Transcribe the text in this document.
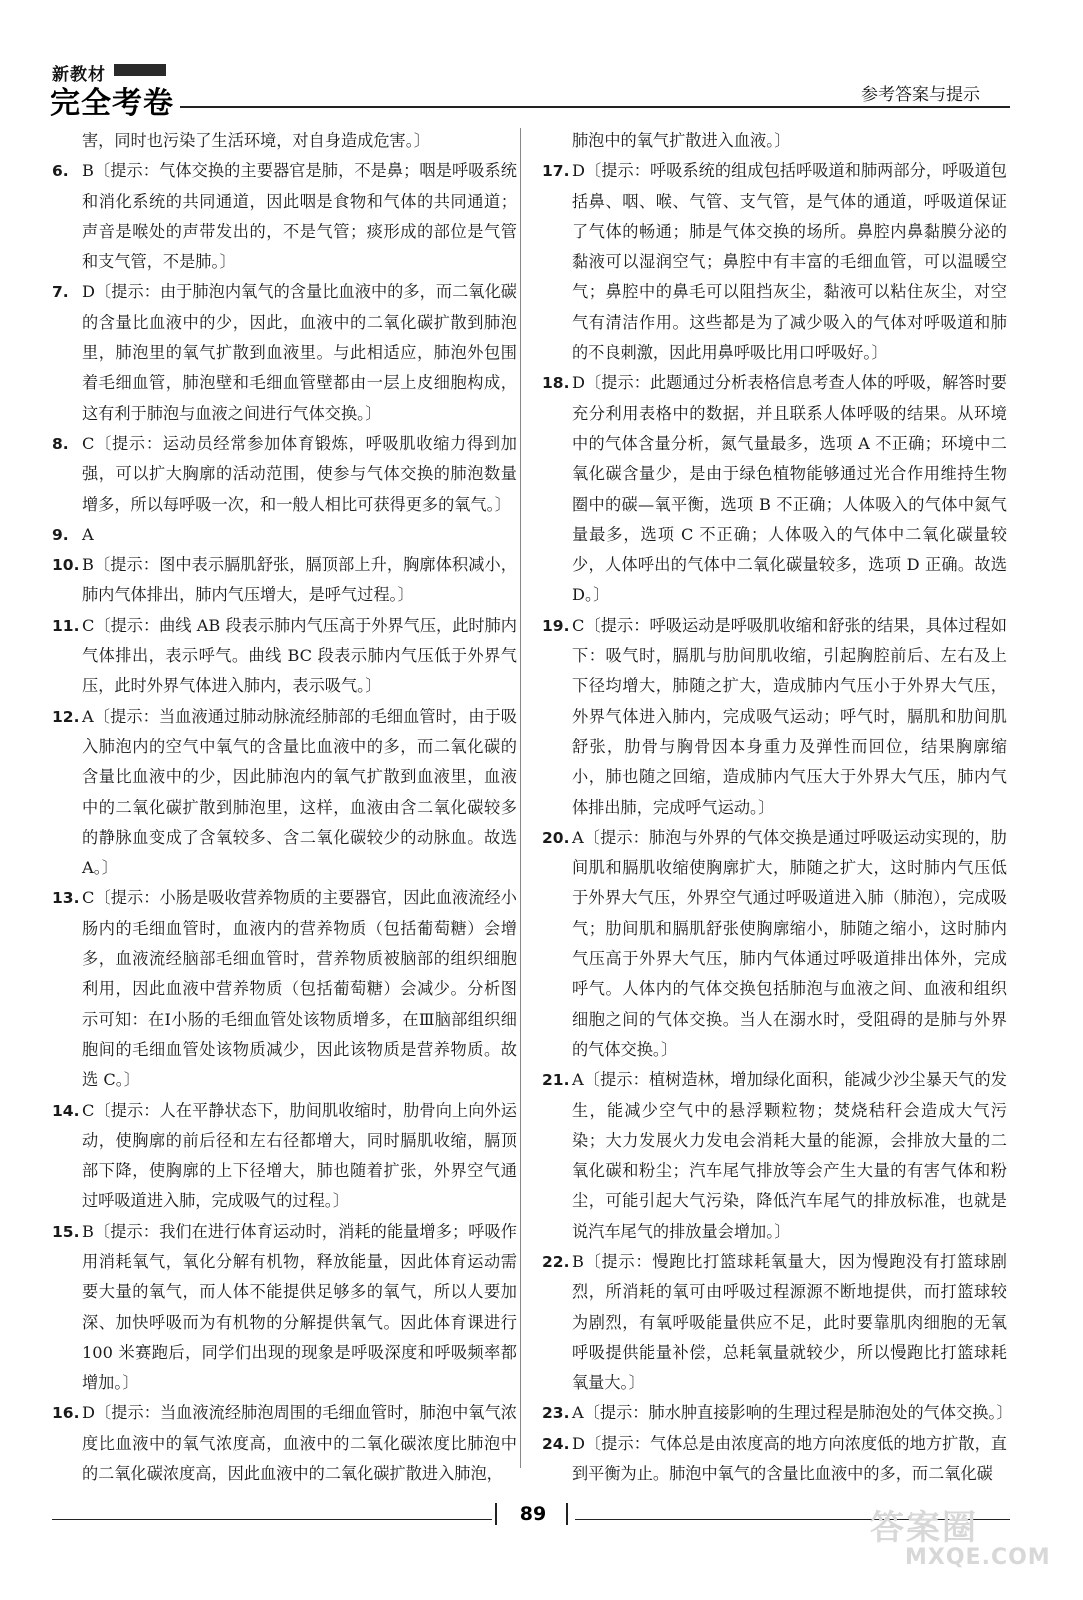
新教材
完全考卷	参考答案与提示

害，同时也污染了生活环境，对自身造成危害。〕

6. B〔提示：气体交换的主要器官是肺，不是鼻；咽是呼吸系统和消化系统的共同通道，因此咽是食物和气体的共同通道；声音是喉处的声带发出的，不是气管；痰形成的部位是气管和支气管，不是肺。〕

7. D〔提示：由于肺泡内氧气的含量比血液中的多，而二氧化碳的含量比血液中的少，因此，血液中的二氧化碳扩散到肺泡里，肺泡里的氧气扩散到血液里。与此相适应，肺泡外包围着毛细血管，肺泡壁和毛细血管壁都由一层上皮细胞构成，这有利于肺泡与血液之间进行气体交换。〕

8. C〔提示：运动员经常参加体育锻炼，呼吸肌收缩力得到加强，可以扩大胸廓的活动范围，使参与气体交换的肺泡数量增多，所以每呼吸一次，和一般人相比可获得更多的氧气。〕

9. A

10. B〔提示：图中表示膈肌舒张，膈顶部上升，胸廓体积减小，肺内气体排出，肺内气压增大，是呼气过程。〕

11. C〔提示：曲线 AB 段表示肺内气压高于外界气压，此时肺内气体排出，表示呼气。曲线 BC 段表示肺内气压低于外界气压，此时外界气体进入肺内，表示吸气。〕

12. A〔提示：当血液通过肺动脉流经肺部的毛细血管时，由于吸入肺泡内的空气中氧气的含量比血液中的多，而二氧化碳的含量比血液中的少，因此肺泡内的氧气扩散到血液里，血液中的二氧化碳扩散到肺泡里，这样，血液由含二氧化碳较多的静脉血变成了含氧较多、含二氧化碳较少的动脉血。故选 A。〕

13. C〔提示：小肠是吸收营养物质的主要器官，因此血液流经小肠内的毛细血管时，血液内的营养物质（包括葡萄糖）会增多，血液流经脑部毛细血管时，营养物质被脑部的组织细胞利用，因此血液中营养物质（包括葡萄糖）会减少。分析图示可知：在Ⅰ小肠的毛细血管处该物质增多，在Ⅲ脑部组织细胞间的毛细血管处该物质减少，因此该物质是营养物质。故选 C。〕

14. C〔提示：人在平静状态下，肋间肌收缩时，肋骨向上向外运动，使胸廓的前后径和左右径都增大，同时膈肌收缩，膈顶部下降，使胸廓的上下径增大，肺也随着扩张，外界空气通过呼吸道进入肺，完成吸气的过程。〕

15. B〔提示：我们在进行体育运动时，消耗的能量增多；呼吸作用消耗氧气，氧化分解有机物，释放能量，因此体育运动需要大量的氧气，而人体不能提供足够多的氧气，所以人要加深、加快呼吸而为有机物的分解提供氧气。因此体育课进行 100 米赛跑后，同学们出现的现象是呼吸深度和呼吸频率都增加。〕

16. D〔提示：当血液流经肺泡周围的毛细血管时，肺泡中氧气浓度比血液中的氧气浓度高，血液中的二氧化碳浓度比肺泡中的二氧化碳浓度高，因此血液中的二氧化碳扩散进入肺泡，

肺泡中的氧气扩散进入血液。〕

17. D〔提示：呼吸系统的组成包括呼吸道和肺两部分，呼吸道包括鼻、咽、喉、气管、支气管，是气体的通道，呼吸道保证了气体的畅通；肺是气体交换的场所。鼻腔内鼻黏膜分泌的黏液可以湿润空气；鼻腔中有丰富的毛细血管，可以温暖空气；鼻腔中的鼻毛可以阻挡灰尘，黏液可以粘住灰尘，对空气有清洁作用。这些都是为了减少吸入的气体对呼吸道和肺的不良刺激，因此用鼻呼吸比用口呼吸好。〕

18. D〔提示：此题通过分析表格信息考查人体的呼吸，解答时要充分利用表格中的数据，并且联系人体呼吸的结果。从环境中的气体含量分析，氮气量最多，选项 A 不正确；环境中二氧化碳含量少，是由于绿色植物能够通过光合作用维持生物圈中的碳—氧平衡，选项 B 不正确；人体吸入的气体中氮气量最多，选项 C 不正确；人体吸入的气体中二氧化碳量较少，人体呼出的气体中二氧化碳量较多，选项 D 正确。故选 D。〕

19. C〔提示：呼吸运动是呼吸肌收缩和舒张的结果，具体过程如下：吸气时，膈肌与肋间肌收缩，引起胸腔前后、左右及上下径均增大，肺随之扩大，造成肺内气压小于外界大气压，外界气体进入肺内，完成吸气运动；呼气时，膈肌和肋间肌舒张，肋骨与胸骨因本身重力及弹性而回位，结果胸廓缩小，肺也随之回缩，造成肺内气压大于外界大气压，肺内气体排出肺，完成呼气运动。〕

20. A〔提示：肺泡与外界的气体交换是通过呼吸运动实现的，肋间肌和膈肌收缩使胸廓扩大，肺随之扩大，这时肺内气压低于外界大气压，外界空气通过呼吸道进入肺（肺泡），完成吸气；肋间肌和膈肌舒张使胸廓缩小，肺随之缩小，这时肺内气压高于外界大气压，肺内气体通过呼吸道排出体外，完成呼气。人体内的气体交换包括肺泡与血液之间、血液和组织细胞之间的气体交换。当人在溺水时，受阻碍的是肺与外界的气体交换。〕

21. A〔提示：植树造林，增加绿化面积，能减少沙尘暴天气的发生，能减少空气中的悬浮颗粒物；焚烧秸秆会造成大气污染；大力发展火力发电会消耗大量的能源，会排放大量的二氧化碳和粉尘；汽车尾气排放等会产生大量的有害气体和粉尘，可能引起大气污染，降低汽车尾气的排放标准，也就是说汽车尾气的排放量会增加。〕

22. B〔提示：慢跑比打篮球耗氧量大，因为慢跑没有打篮球剧烈，所消耗的氧可由呼吸过程源源不断地提供，而打篮球较为剧烈，有氧呼吸能量供应不足，此时要靠肌肉细胞的无氧呼吸提供能量补偿，总耗氧量就较少，所以慢跑比打篮球耗氧量大。〕

23. A〔提示：肺水肿直接影响的生理过程是肺泡处的气体交换。〕

24. D〔提示：气体总是由浓度高的地方向浓度低的地方扩散，直到平衡为止。肺泡中氧气的含量比血液中的多，而二氧化碳

89	答案圈
MXQE.COM
